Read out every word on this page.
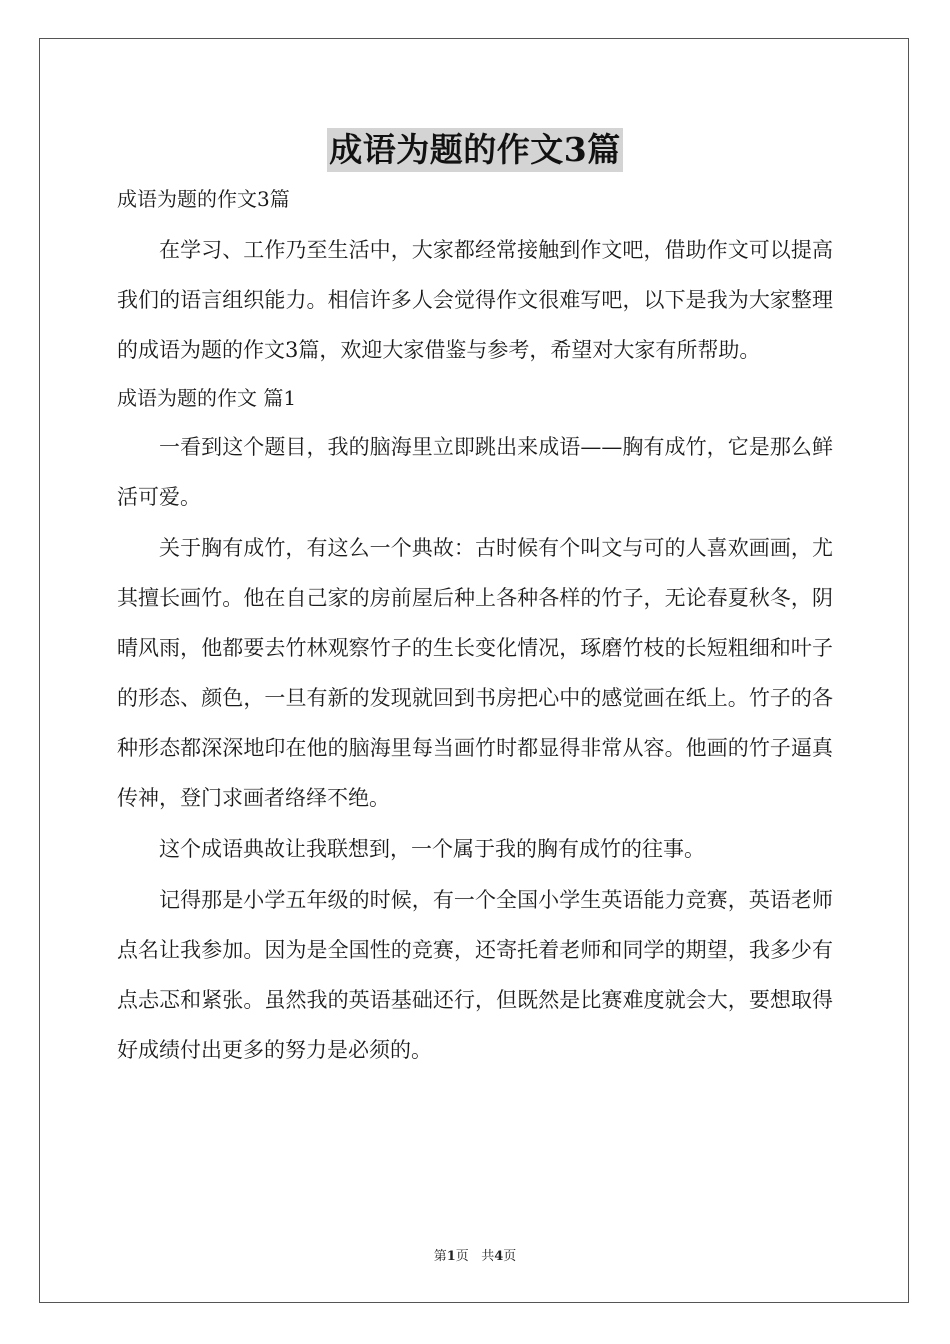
成语为题的作文3篇
成语为题的作文3篇

在学习、工作乃至生活中，大家都经常接触到作文吧，借助作文可以提高我们的语言组织能力。相信许多人会觉得作文很难写吧，以下是我为大家整理的成语为题的作文3篇，欢迎大家借鉴与参考，希望对大家有所帮助。

成语为题的作文 篇1

一看到这个题目，我的脑海里立即跳出来成语——胸有成竹，它是那么鲜活可爱。

关于胸有成竹，有这么一个典故：古时候有个叫文与可的人喜欢画画，尤其擅长画竹。他在自己家的房前屋后种上各种各样的竹子，无论春夏秋冬，阴晴风雨，他都要去竹林观察竹子的生长变化情况，琢磨竹枝的长短粗细和叶子的形态、颜色，一旦有新的发现就回到书房把心中的感觉画在纸上。竹子的各种形态都深深地印在他的脑海里每当画竹时都显得非常从容。他画的竹子逼真传神，登门求画者络绎不绝。

这个成语典故让我联想到，一个属于我的胸有成竹的往事。

记得那是小学五年级的时候，有一个全国小学生英语能力竞赛，英语老师点名让我参加。因为是全国性的竞赛，还寄托着老师和同学的期望，我多少有点忐忑和紧张。虽然我的英语基础还行，但既然是比赛难度就会大，要想取得好成绩付出更多的努力是必须的。

第1页 共4页
